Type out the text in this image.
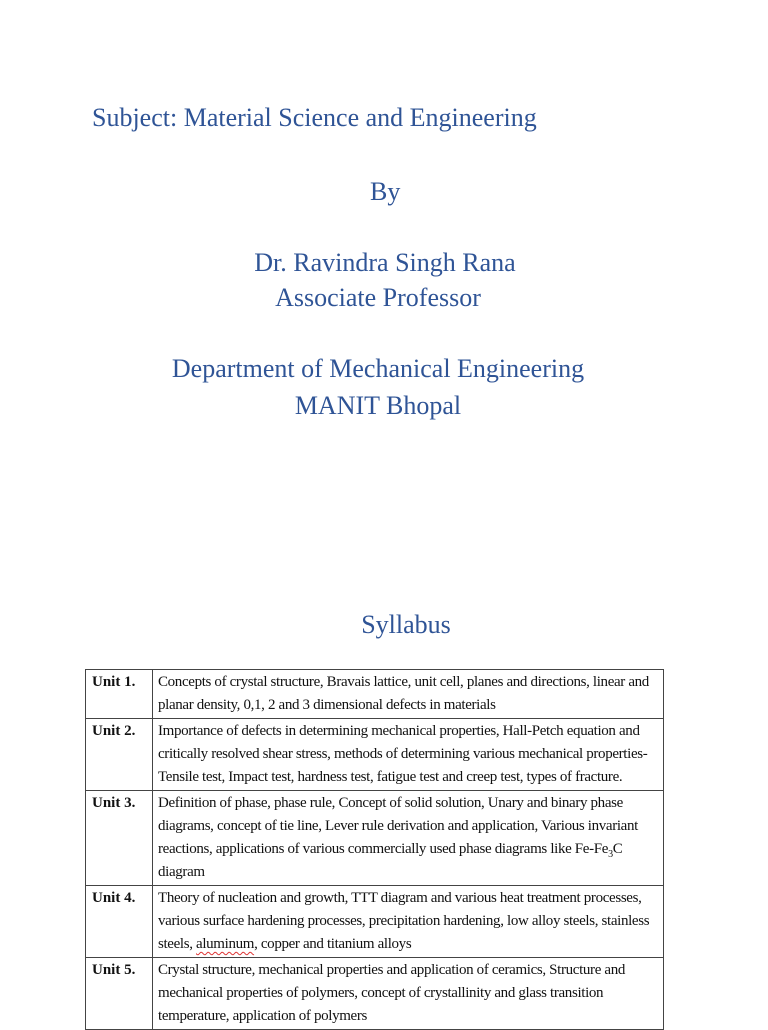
Subject: Material Science and Engineering
By
Dr. Ravindra Singh Rana
Associate Professor
Department of Mechanical Engineering
MANIT Bhopal
Syllabus
Unit 1.	Concepts of crystal structure, Bravais lattice, unit cell, planes and directions, linear and planar density, 0,1, 2 and 3 dimensional defects in materials
Unit 2.	Importance of defects in determining mechanical properties, Hall-Petch equation and critically resolved shear stress, methods of determining various mechanical properties-Tensile test, Impact test, hardness test, fatigue test and creep test, types of fracture.
Unit 3.	Definition of phase, phase rule, Concept of solid solution, Unary and binary phase diagrams, concept of tie line, Lever rule derivation and application, Various invariant reactions, applications of various commercially used phase diagrams like $Fe-Fe_3C$ diagram
Unit 4.	Theory of nucleation and growth, TTT diagram and various heat treatment processes, various surface hardening processes, precipitation hardening, low alloy steels, stainless steels, aluminum, copper and titanium alloys
Unit 5.	Crystal structure, mechanical properties and application of ceramics, Structure and mechanical properties of polymers, concept of crystallinity and glass transition temperature, application of polymers
